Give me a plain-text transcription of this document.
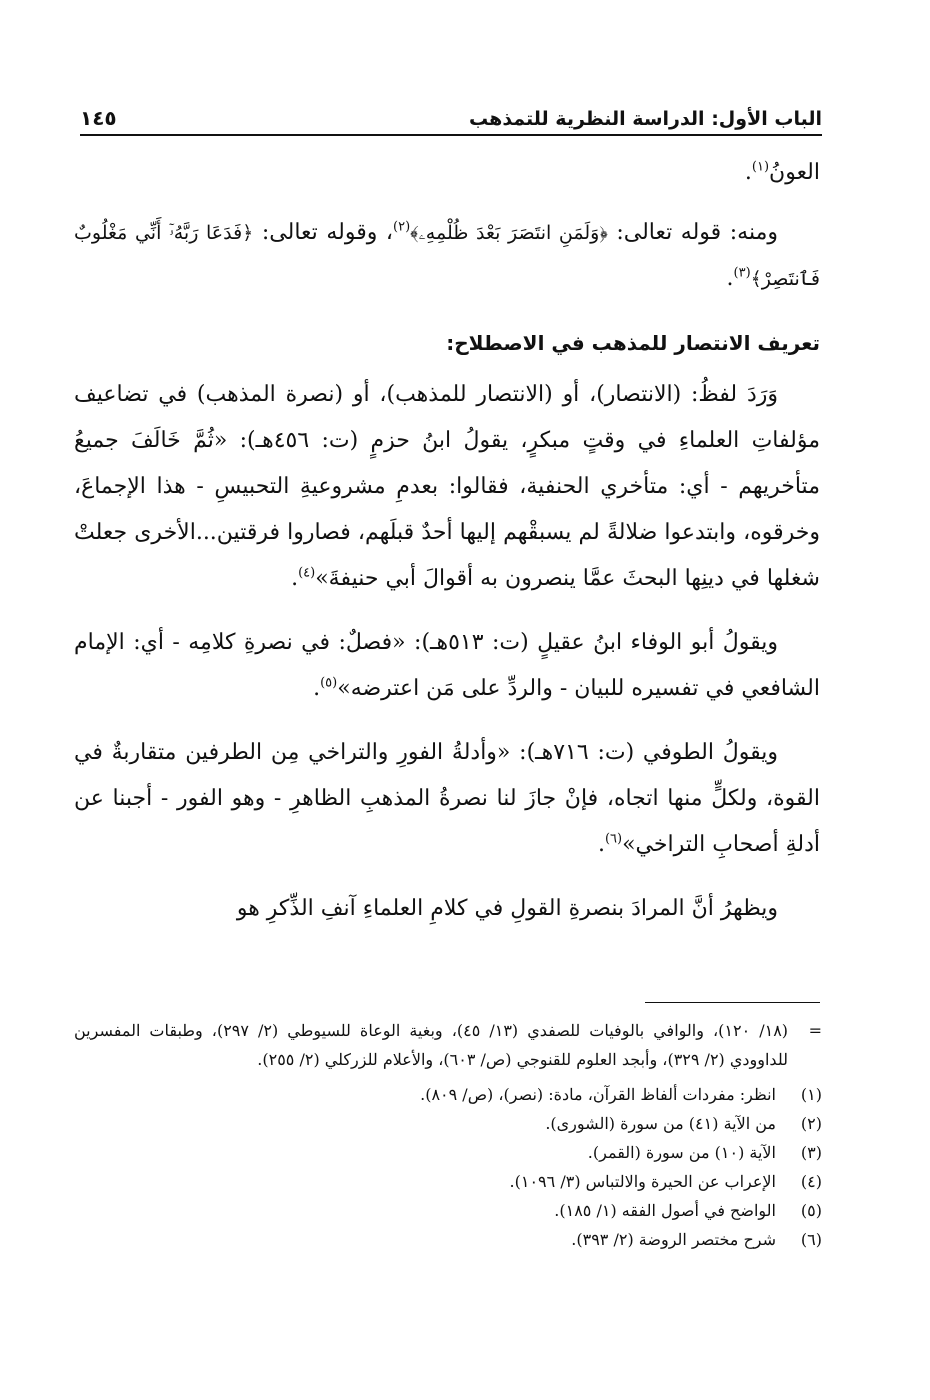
الباب الأول: الدراسة النظرية للتمذهب
١٤٥

العونُ$^{(١)}$.

ومنه: قوله تعالى: ﴿وَلَمَنِ انتَصَرَ بَعْدَ ظُلْمِهِۦ﴾$^{(٢)}$، وقوله تعالى: ﴿فَدَعَا رَبَّهُۥٓ أَنِّي مَغْلُوبٌ فَٱنتَصِرْ﴾$^{(٣)}$.

تعريف الانتصار للمذهب في الاصطلاح:

وَرَدَ لفظُ: (الانتصار)، أو (الانتصار للمذهب)، أو (نصرة المذهب) في تضاعيف مؤلفاتِ العلماءِ في وقتٍ مبكرٍ، يقولُ ابنُ حزمٍ (ت: ٤٥٦هـ): «ثُمَّ خَالَفَ جميعُ متأخريهم - أي: متأخري الحنفية، فقالوا: بعدمِ مشروعيةِ التحبيسِ - هذا الإجماعَ، وخرقوه، وابتدعوا ضلالةً لم يسبقْهم إليها أحدٌ قبلَهم، فصاروا فرقتين...الأخرى جعلتْ شغلها في دينِها البحثَ عمَّا ينصرون به أقوالَ أبي حنيفةَ»$^{(٤)}$.

ويقولُ أبو الوفاء ابنُ عقيلٍ (ت: ٥١٣هـ): «فصلٌ: في نصرةِ كلامِه - أي: الإمام الشافعي في تفسيره للبيان - والردِّ على مَن اعترضه»$^{(٥)}$.

ويقولُ الطوفي (ت: ٧١٦هـ): «وأدلةُ الفورِ والتراخي مِن الطرفين متقاربةٌ في القوة، ولكلٍّ منها اتجاه، فإنْ جازَ لنا نصرةُ المذهبِ الظاهرِ - وهو الفور - أجبنا عن أدلةِ أصحابِ التراخي»$^{(٦)}$.

ويظهرُ أنَّ المرادَ بنصرةِ القولِ في كلامِ العلماءِ آنفِ الذِّكرِ هو

=
(١٨/ ١٢٠)، والوافي بالوفيات للصفدي (١٣/ ٤٥)، وبغية الوعاة للسيوطي (٢/ ٢٩٧)، وطبقات المفسرين للداوودي (٢/ ٣٢٩)، وأبجد العلوم للقنوجي (ص/ ٦٠٣)، والأعلام للزركلي (٢/ ٢٥٥).
(١)
انظر: مفردات ألفاظ القرآن، مادة: (نصر)، (ص/ ٨٠٩).
(٢)
من الآية (٤١) من سورة (الشورى).
(٣)
الآية (١٠) من سورة (القمر).
(٤)
الإعراب عن الحيرة والالتباس (٣/ ١٠٩٦).
(٥)
الواضح في أصول الفقه (١/ ١٨٥).
(٦)
شرح مختصر الروضة (٢/ ٣٩٣).
